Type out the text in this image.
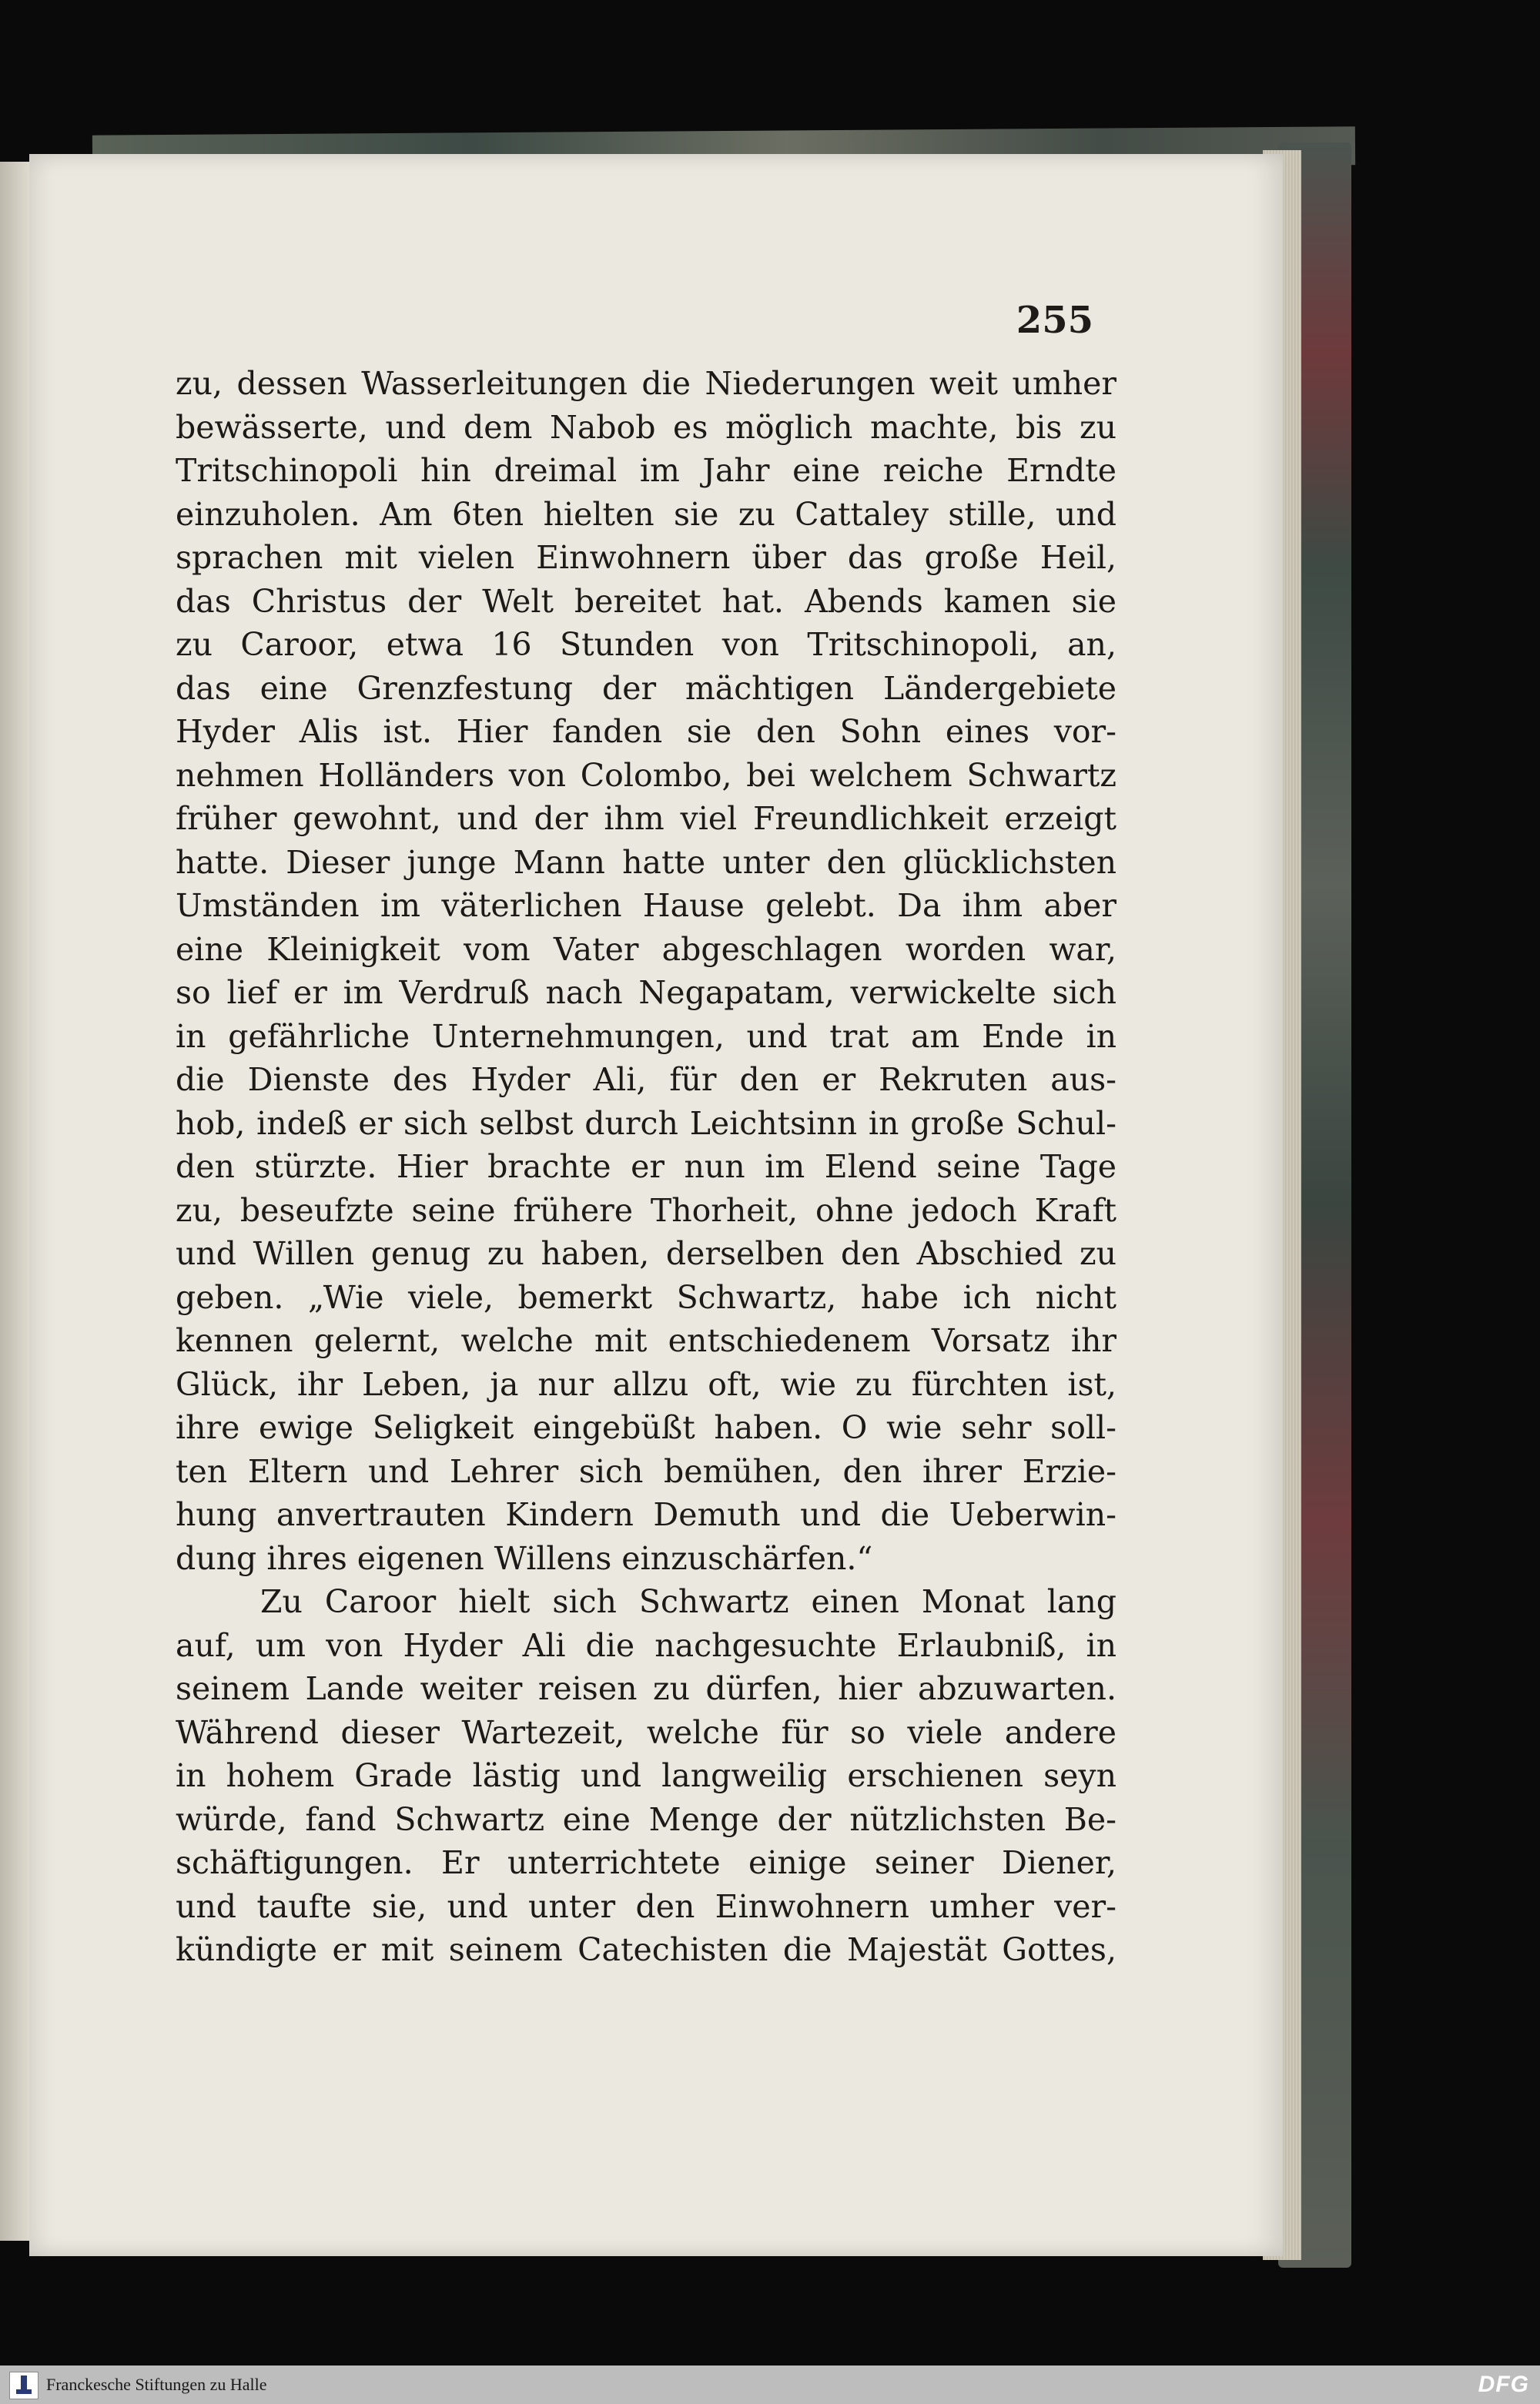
255
zu, dessen Wasserleitungen die Niederungen weit umher
bewässerte, und dem Nabob es möglich machte, bis zu
Tritschinopoli hin dreimal im Jahr eine reiche Erndte
einzuholen. Am 6ten hielten sie zu Cattaley stille, und
sprachen mit vielen Einwohnern über das große Heil,
das Christus der Welt bereitet hat. Abends kamen sie
zu Caroor, etwa 16 Stunden von Tritschinopoli, an,
das eine Grenzfestung der mächtigen Ländergebiete
Hyder Alis ist. Hier fanden sie den Sohn eines vor-
nehmen Holländers von Colombo, bei welchem Schwartz
früher gewohnt, und der ihm viel Freundlichkeit erzeigt
hatte. Dieser junge Mann hatte unter den glücklichsten
Umständen im väterlichen Hause gelebt. Da ihm aber
eine Kleinigkeit vom Vater abgeschlagen worden war,
so lief er im Verdruß nach Negapatam, verwickelte sich
in gefährliche Unternehmungen, und trat am Ende in
die Dienste des Hyder Ali, für den er Rekruten aus-
hob, indeß er sich selbst durch Leichtsinn in große Schul-
den stürzte. Hier brachte er nun im Elend seine Tage
zu, beseufzte seine frühere Thorheit, ohne jedoch Kraft
und Willen genug zu haben, derselben den Abschied zu
geben. „Wie viele, bemerkt Schwartz, habe ich nicht
kennen gelernt, welche mit entschiedenem Vorsatz ihr
Glück, ihr Leben, ja nur allzu oft, wie zu fürchten ist,
ihre ewige Seligkeit eingebüßt haben. O wie sehr soll-
ten Eltern und Lehrer sich bemühen, den ihrer Erzie-
hung anvertrauten Kindern Demuth und die Ueberwin-
dung ihres eigenen Willens einzuschärfen.“
Zu Caroor hielt sich Schwartz einen Monat lang
auf, um von Hyder Ali die nachgesuchte Erlaubniß, in
seinem Lande weiter reisen zu dürfen, hier abzuwarten.
Während dieser Wartezeit, welche für so viele andere
in hohem Grade lästig und langweilig erschienen seyn
würde, fand Schwartz eine Menge der nützlichsten Be-
schäftigungen. Er unterrichtete einige seiner Diener,
und taufte sie, und unter den Einwohnern umher ver-
kündigte er mit seinem Catechisten die Majestät Gottes,
Franckesche Stiftungen zu Halle	DFG
